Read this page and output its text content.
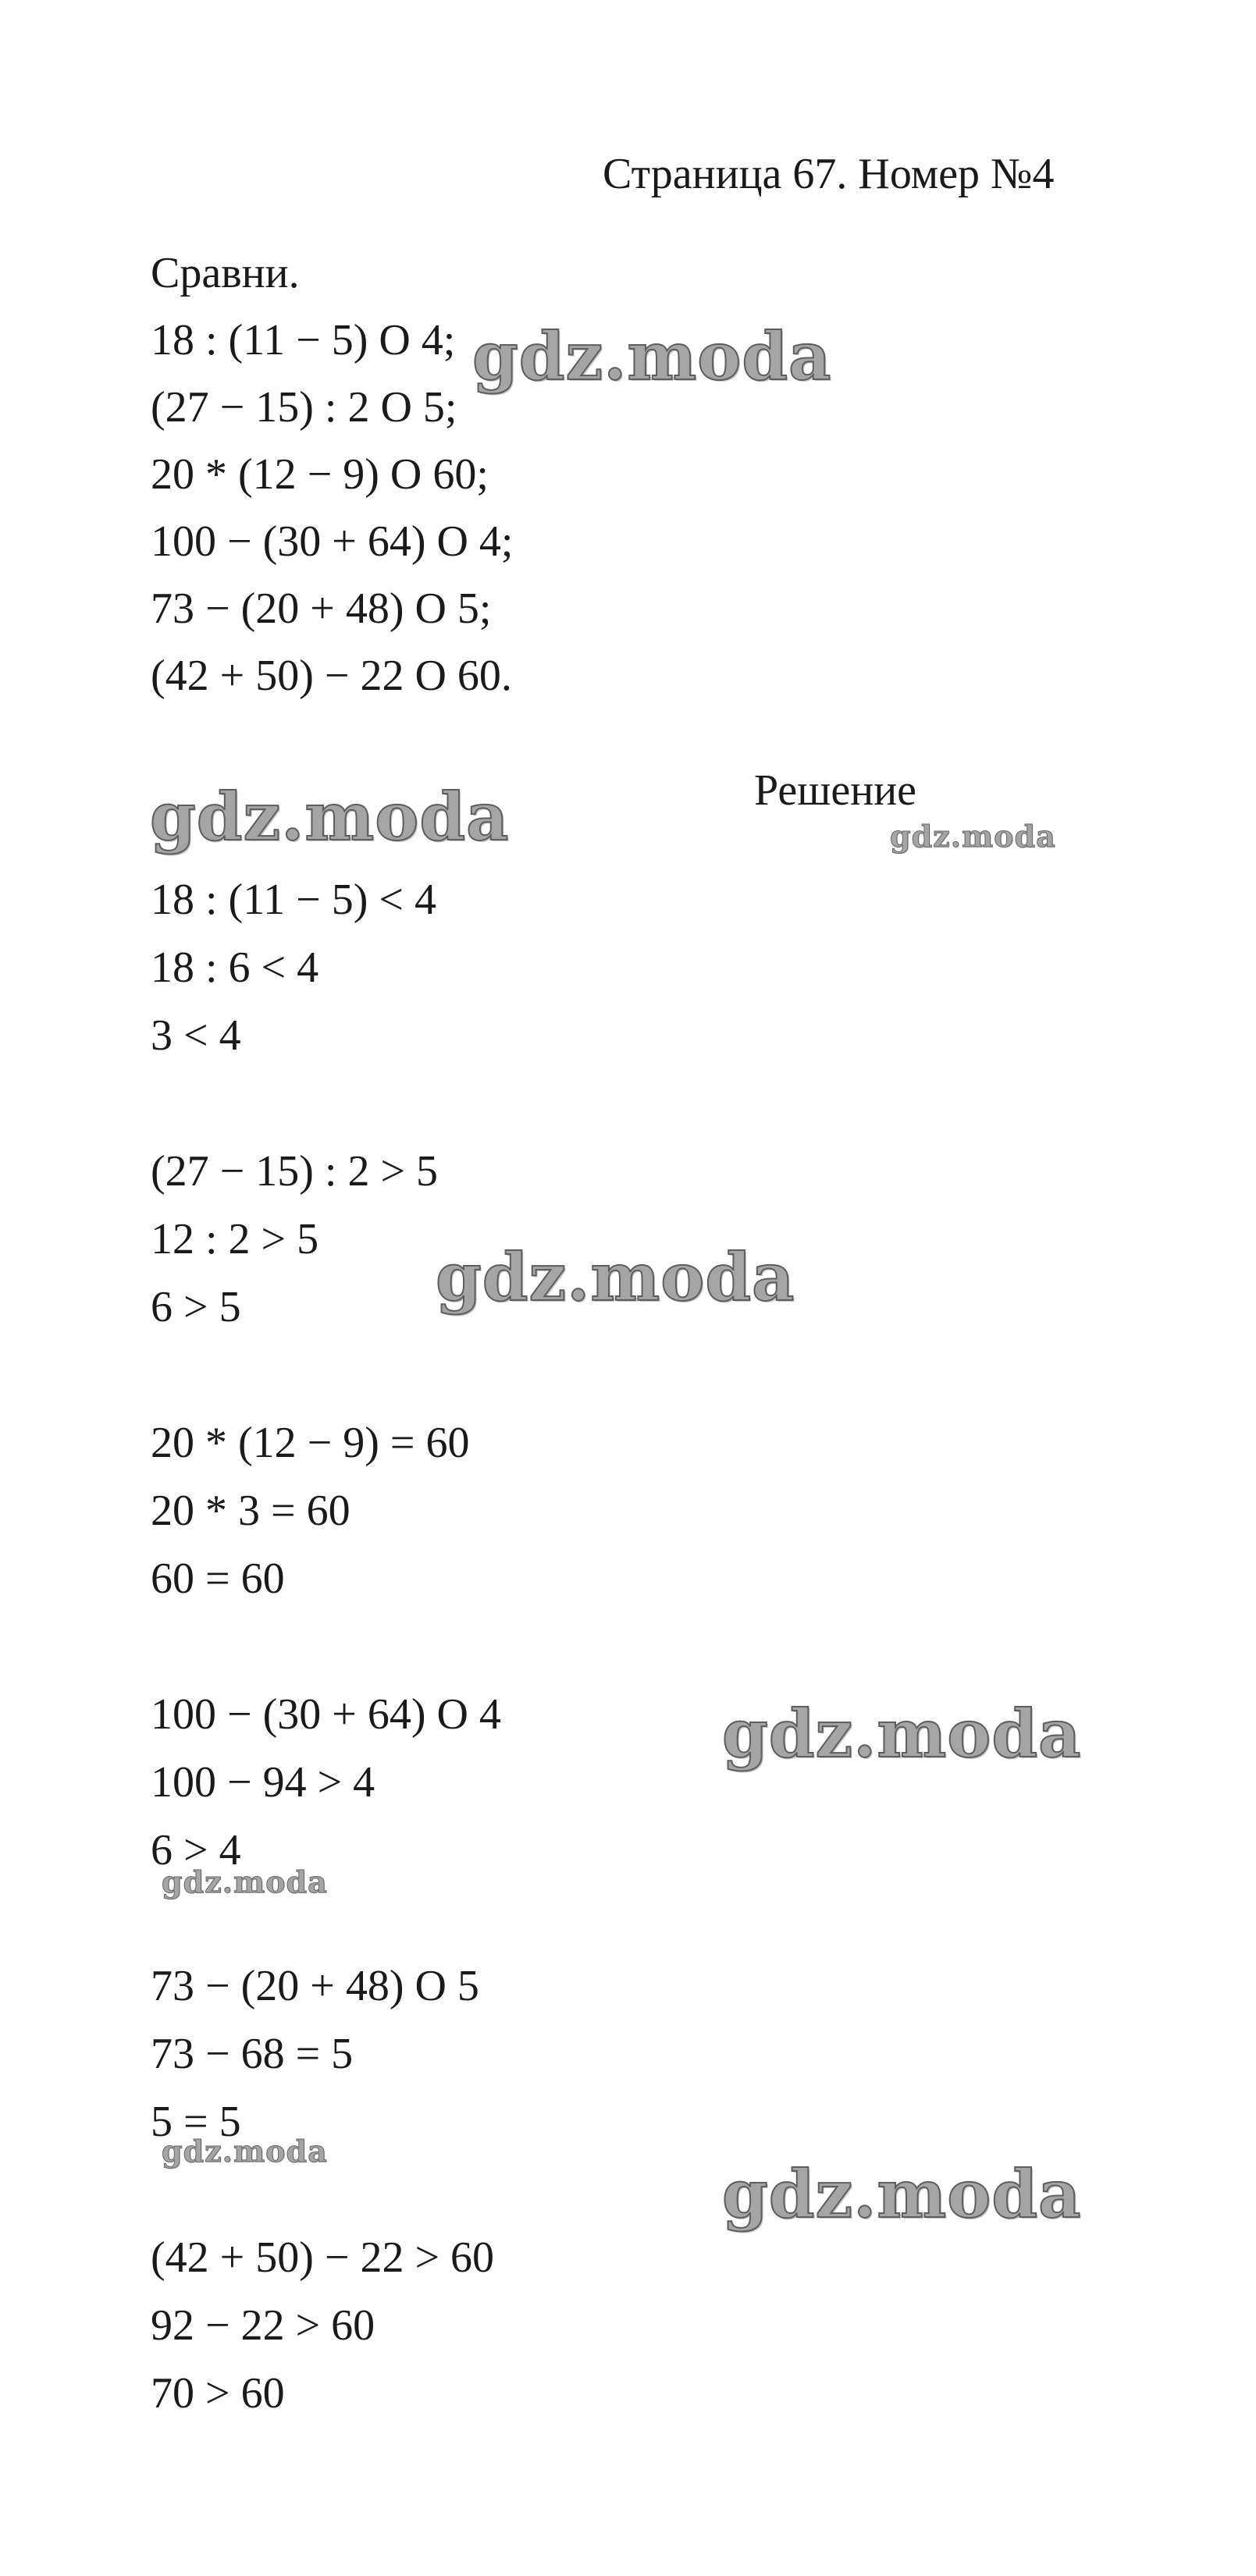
Страница 67. Номер №4
Сравни.
18 : (11 − 5) O 4;
(27 − 15) : 2 O 5;
20 * (12 − 9) O 60;
100 − (30 + 64) O 4;
73 − (20 + 48) O 5;
(42 + 50) − 22 O 60.
Решение
18 : (11 − 5) < 4
18 : 6 < 4
3 < 4
(27 − 15) : 2 > 5
12 : 2 > 5
6 > 5
20 * (12 − 9) = 60
20 * 3 = 60
60 = 60
100 − (30 + 64) O 4
100 − 94 > 4
6 > 4
73 − (20 + 48) O 5
73 − 68 = 5
5 = 5
(42 + 50) − 22 > 60
92 − 22 > 60
70 > 60
gdz.moda
gdz.moda	gdz.moda
gdz.moda
gdz.moda
gdz.moda
gdz.moda
gdz.moda
